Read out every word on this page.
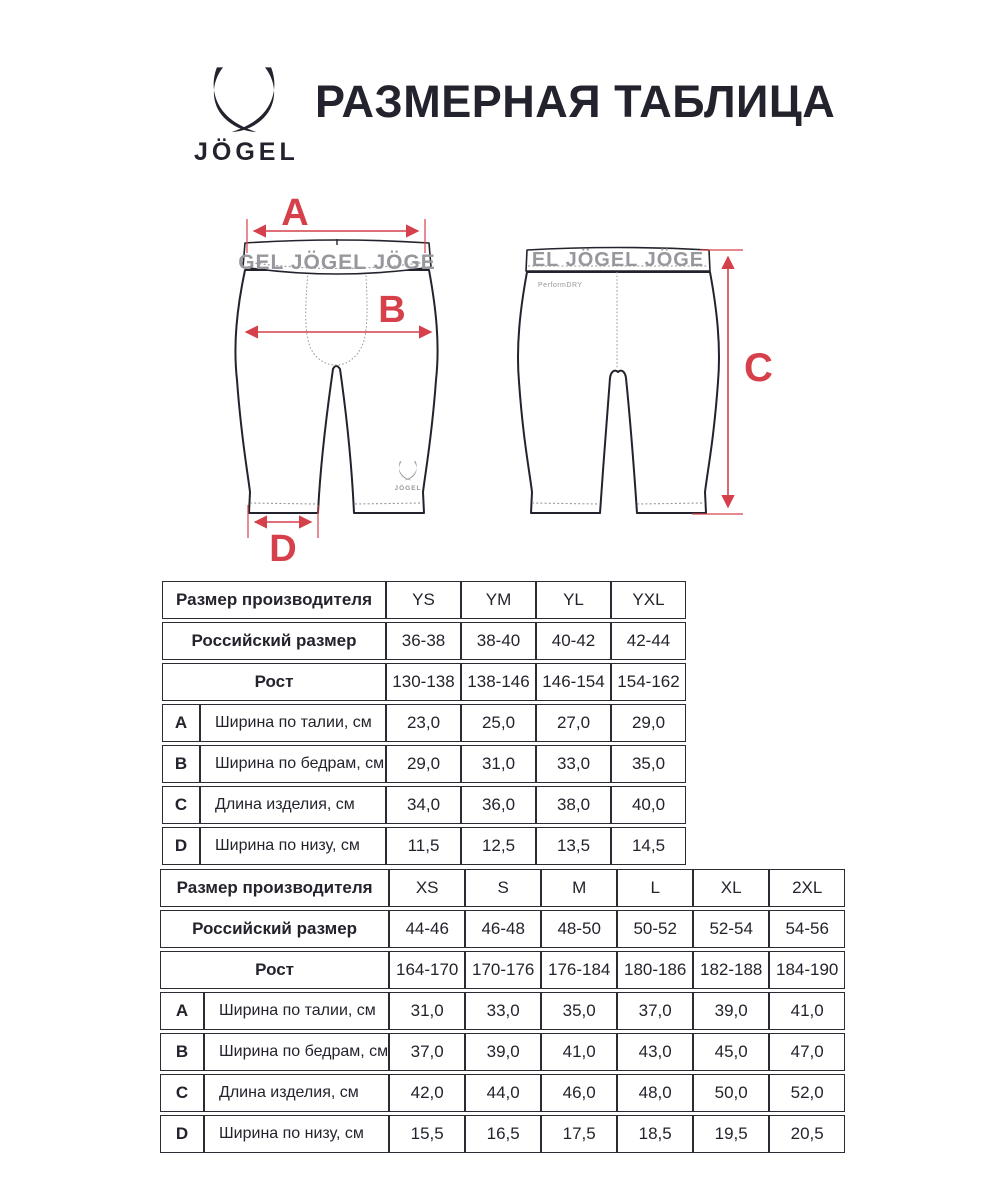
JÖGEL
РАЗМЕРНАЯ ТАБЛИЦА
GEL JÖGEL JÖGE
JÖGEL
EL JÖGEL JÖGE
PerformDRY
A
B
D
C
Размер производителя		YS	YM	YL	YXL
Российский размер		36-38	38-40	40-42	42-44
Рост		130-138	138-146	146-154	154-162
A	Ширина по талии, см	23,0	25,0	27,0	29,0
B	Ширина по бедрам, см	29,0	31,0	33,0	35,0
C	Длина изделия, см	34,0	36,0	38,0	40,0
D	Ширина по низу, см	11,5	12,5	13,5	14,5
Размер производителя		XS	S	M	L	XL	2XL
Российский размер		44-46	46-48	48-50	50-52	52-54	54-56
Рост		164-170	170-176	176-184	180-186	182-188	184-190
A	Ширина по талии, см	31,0	33,0	35,0	37,0	39,0	41,0
B	Ширина по бедрам, см	37,0	39,0	41,0	43,0	45,0	47,0
C	Длина изделия, см	42,0	44,0	46,0	48,0	50,0	52,0
D	Ширина по низу, см	15,5	16,5	17,5	18,5	19,5	20,5
